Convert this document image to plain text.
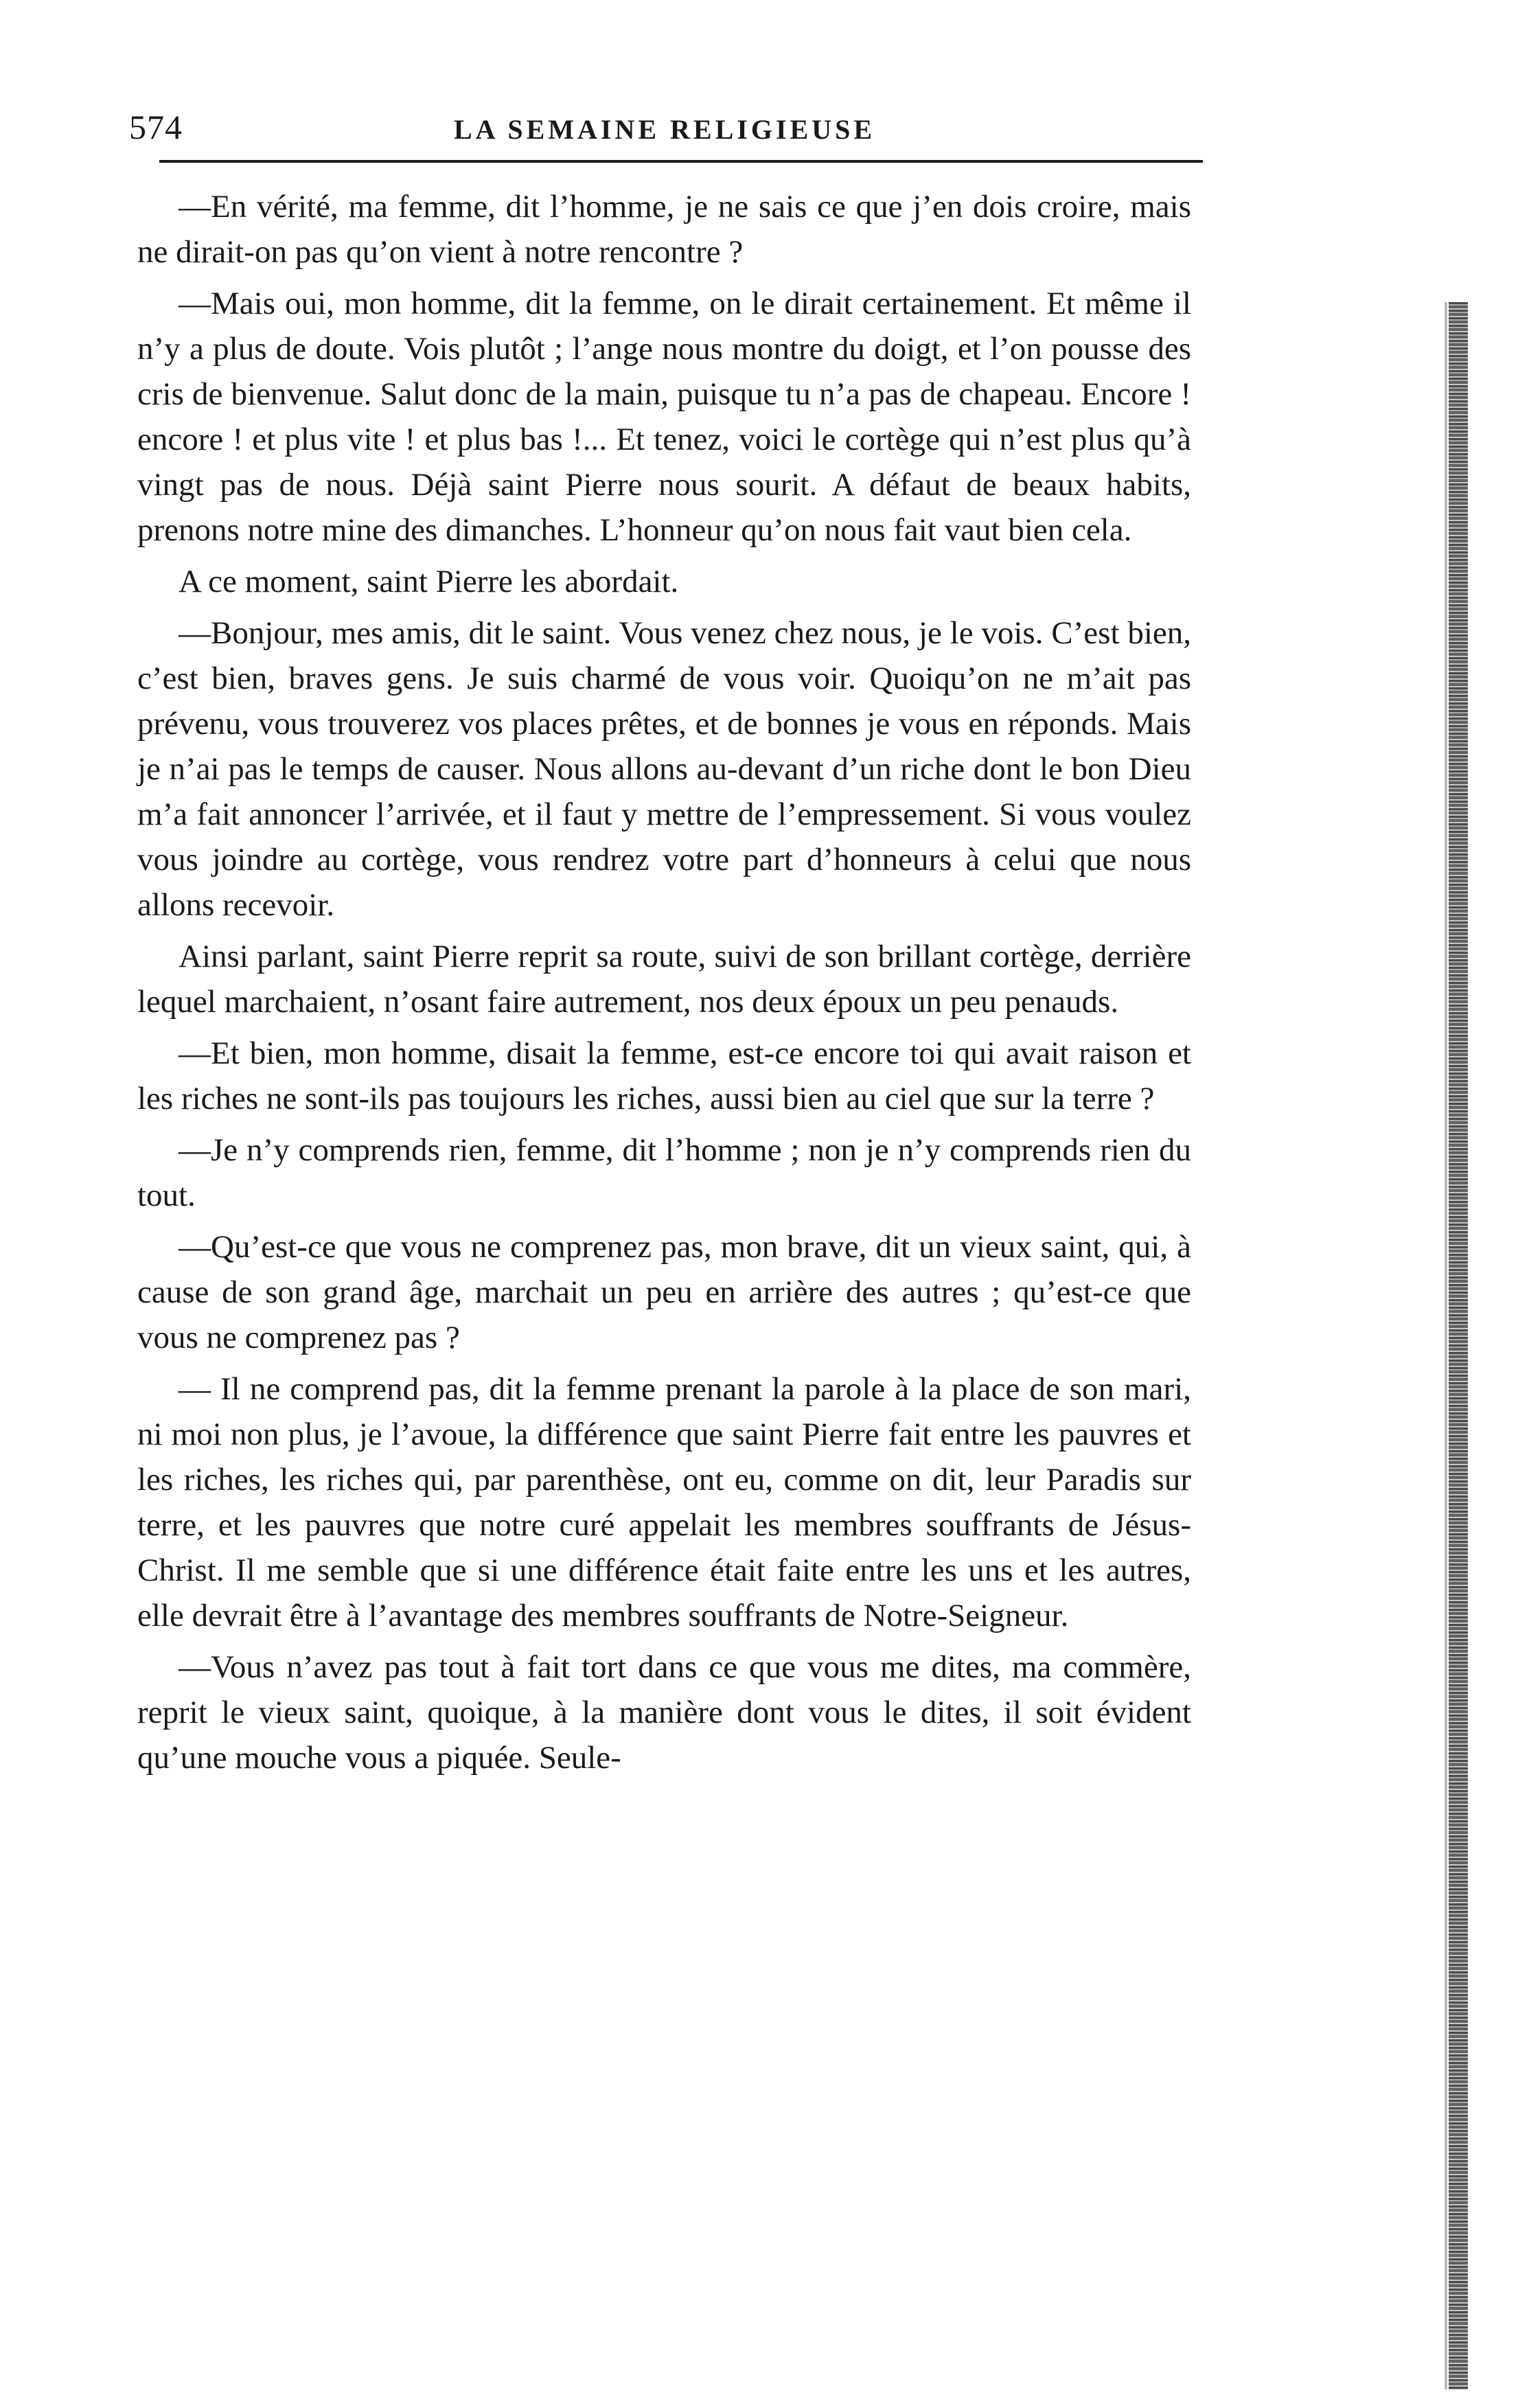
574	LA SEMAINE RELIGIEUSE

—En vérité, ma femme, dit l’homme, je ne sais ce que j’en dois croire, mais ne dirait-on pas qu’on vient à notre rencontre ?

—Mais oui, mon homme, dit la femme, on le dirait certainement. Et même il n’y a plus de doute. Vois plutôt ; l’ange nous montre du doigt, et l’on pousse des cris de bienvenue. Salut donc de la main, puisque tu n’a pas de chapeau. Encore ! encore ! et plus vite ! et plus bas !... Et tenez, voici le cortège qui n’est plus qu’à vingt pas de nous. Déjà saint Pierre nous sourit. A défaut de beaux habits, prenons notre mine des dimanches. L’honneur qu’on nous fait vaut bien cela.

A ce moment, saint Pierre les abordait.

—Bonjour, mes amis, dit le saint. Vous venez chez nous, je le vois. C’est bien, c’est bien, braves gens. Je suis charmé de vous voir. Quoiqu’on ne m’ait pas prévenu, vous trouverez vos places prêtes, et de bonnes je vous en réponds. Mais je n’ai pas le temps de causer. Nous allons au-devant d’un riche dont le bon Dieu m’a fait annoncer l’arrivée, et il faut y mettre de l’empressement. Si vous voulez vous joindre au cortège, vous rendrez votre part d’honneurs à celui que nous allons recevoir.

Ainsi parlant, saint Pierre reprit sa route, suivi de son brillant cortège, derrière lequel marchaient, n’osant faire autrement, nos deux époux un peu penauds.

—Et bien, mon homme, disait la femme, est-ce encore toi qui avait raison et les riches ne sont-ils pas toujours les riches, aussi bien au ciel que sur la terre ?

—Je n’y comprends rien, femme, dit l’homme ; non je n’y comprends rien du tout.

—Qu’est-ce que vous ne comprenez pas, mon brave, dit un vieux saint, qui, à cause de son grand âge, marchait un peu en arrière des autres ; qu’est-ce que vous ne comprenez pas ?

— Il ne comprend pas, dit la femme prenant la parole à la place de son mari, ni moi non plus, je l’avoue, la différence que saint Pierre fait entre les pauvres et les riches, les riches qui, par parenthèse, ont eu, comme on dit, leur Paradis sur terre, et les pauvres que notre curé appelait les membres souffrants de Jésus-Christ. Il me semble que si une différence était faite entre les uns et les autres, elle devrait être à l’avantage des membres souffrants de Notre-Seigneur.

—Vous n’avez pas tout à fait tort dans ce que vous me dites, ma commère, reprit le vieux saint, quoique, à la manière dont vous le dites, il soit évident qu’une mouche vous a piquée. Seule-
